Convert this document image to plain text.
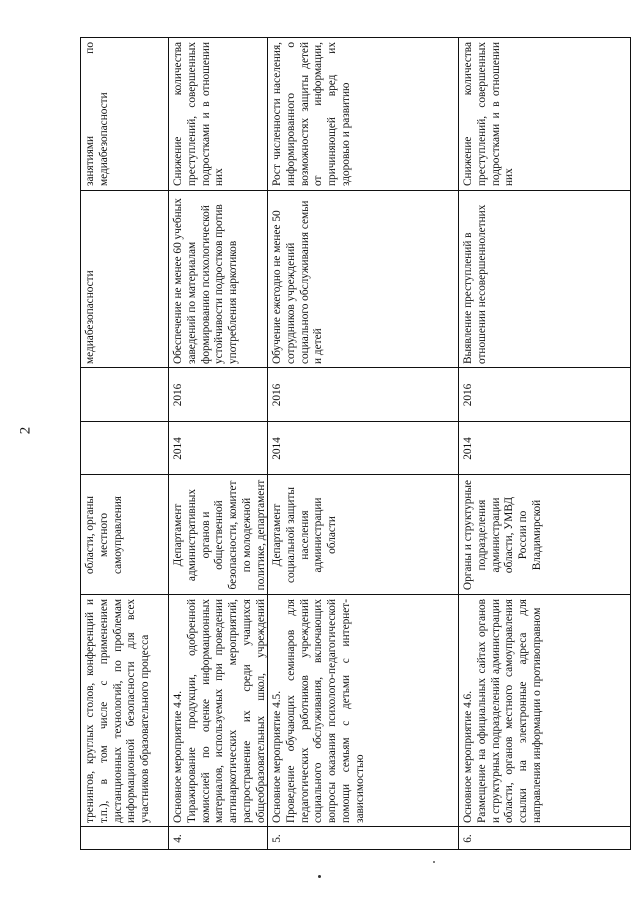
2
занятиями по медиабезопасности
медиабезопасности
области, органы местного самоуправления
тренингов, круглых столов, конференций и т.п.), в том числе с применением дистанционных технологий, по проблемам информационной безопасности для всех участников образовательного процесса
Снижение количества преступлений, совершенных подростками и в отношении них
Обеспечение не менее 60 учебных заведений по материалам формированию психологической устойчивости подростков против употребления наркотиков
2016
2014
Департамент административных органов и общественной безопасности, комитет по молодежной политике, департамент
Основное мероприятие 4.4.
Тиражирование продукции, одобренной комиссией по оценке информационных материалов, используемых при проведении антинаркотических мероприятий, распространение их среди учащихся общеобразовательных школ, учреждений
4.
Рост численности населения, информированного о возможностях защиты детей от информации, причиняющей вред их здоровью и развитию
Обучение ежегодно не менее 50 сотрудников учреждений социального обслуживания семьи и детей
2016
2014
Департамент социальной защиты населения администрации области
Основное мероприятие 4.5.
Проведение обучающих семинаров для педагогических работников учреждений социального обслуживания, включающих вопросы оказания психолого-педагогической помощи семьям с детьми с интернет-зависимостью
5.
Снижение количества преступлений, совершенных подростками и в отношении них
Выявление преступлений в отношении несовершеннолетних
2016
2014
Органы и структурные подразделения администрации области, УМВД России по Владимирской
Основное мероприятие 4.6.
Размещение на официальных сайтах органов и структурных подразделений администрации области, органов местного самоуправления ссылки на электронные адреса для направления информации о противоправном
6.
